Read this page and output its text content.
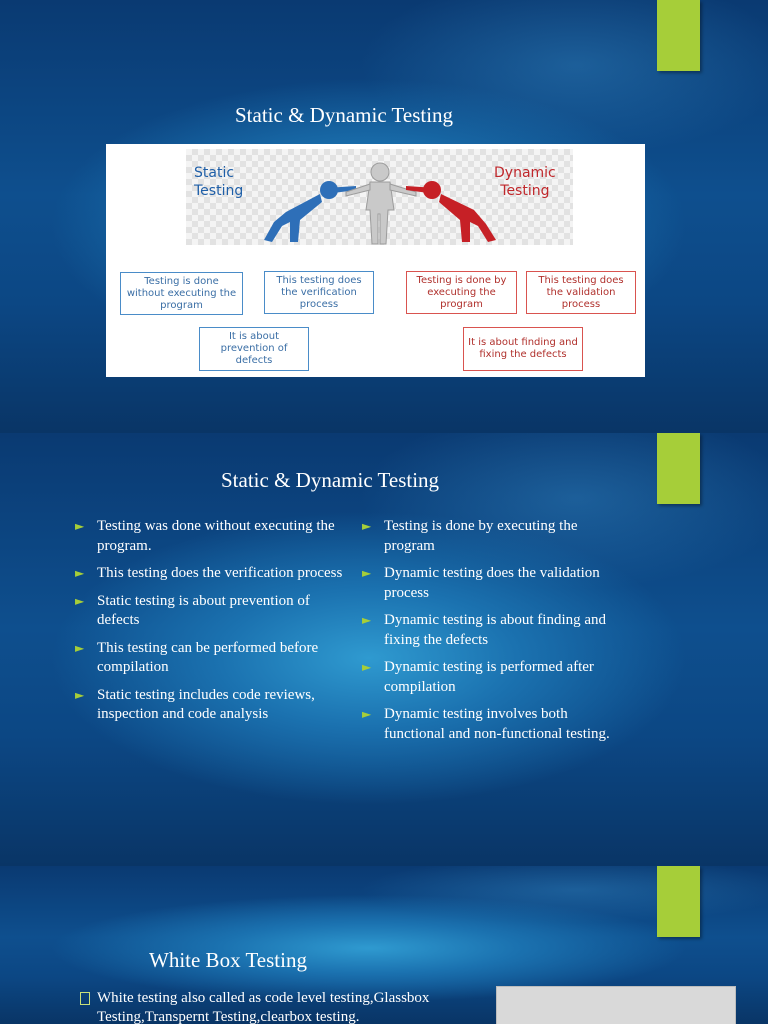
Static & Dynamic Testing
Static
Testing
Dynamic
Testing
Testing is done without executing the program
This testing does the verification process
It is about prevention of defects
Testing is done by executing the program
This testing does the validation process
It is about finding and fixing the defects
Static & Dynamic Testing
► Testing was done without executing the program.
► This testing does the verification process
► Static testing is about prevention of defects
► This testing can be performed before compilation
► Static testing includes code reviews, inspection and code analysis
► Testing is done by executing the program
► Dynamic testing does the validation process
► Dynamic testing is about finding and fixing the defects
► Dynamic testing is performed after compilation
► Dynamic testing involves both functional and non-functional testing.
White Box Testing
White testing also called as code level testing,Glassbox Testing,Transpernt Testing,clearbox testing.
